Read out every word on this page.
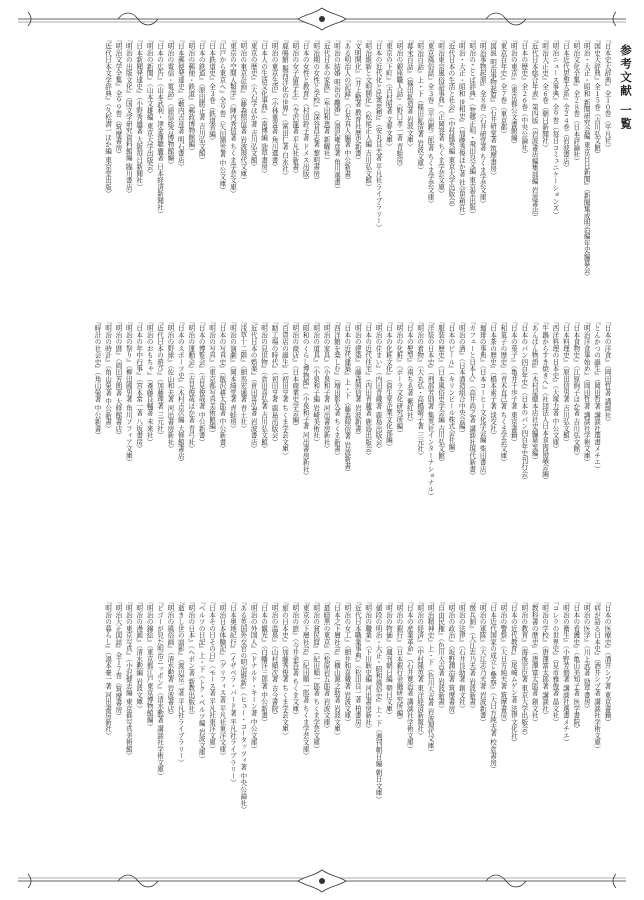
参考文献 一覧
『日本史大辞典』全１０巻（平凡社）
『国史大辞典』全１５巻（吉川弘文館）
『明治・大正・昭和 新聞研究会編 東京日日新聞』（新聞集成明治編年史編纂会）
『明治文化全集』全２８巻（日本評論社）
『日本近代思想大系』全２４巻（岩波書店）
『明治ニュース事典』全９巻（毎日コミュニケーションズ）
『明治大正史』全６巻（朝日新聞社）
『近代日本総合年表』第四版（岩波書店編集部編 岩波書店）
『日本の歴史』全２６巻（中央公論社）
『明治の東京』（東京都公文書館編）
『東京百年史』全７巻（東京都）
『図説 明治事物起原』（石井研堂著 筑摩書房）
『明治事物起原』全８巻（石井研堂著 ちくま学芸文庫）
『明治のことば辞典』（惣郷正明・飛田良文編 東京堂出版）
『明治・大正・昭和 世相史』（加藤秀俊ほか著 社会思想社）
『近代日本の生活と社会』（中村隆英編 東京大学出版会）
『明治東京風俗語事典』（正岡容著 ちくま学芸文庫）
『東京風俗誌』全３巻（平出鏗二郎著 ちくま学芸文庫）
『明治百話』上・下（篠田鉱造著 岩波文庫）
『幕末百話』（篠田鉱造著 岩波文庫）
『明治の銀座職人話』（野口孝一著 青蛙房）
『東京の下町』（吉村昭著 文春文庫）
『日本の近代化と民衆思想』（安丸良夫著 平凡社ライブラリー）
『明治維新と文明開化』（松尾正人編 吉川弘文館）
『文明開化』（井上勲著 教育社歴史新書）
『ある明治人の記録』（石光真人編著 中公新書）
『明治の結婚 明治の離婚』（湯沢雍彦著 角川選書）
『近代日本の家族』（牟田和恵著 新曜社）
『明治期の女性と学校』（深谷昌志著 黎明書房）
『日本の女性と教育』（村田鈴子著 ドメス出版）
『明治の女子留学生』（寺沢龍著 平凡社新書）
『鹿鳴館 擬西洋化の世界』（富田仁著 白水社）
『明治の東京生活』（小林重喜著 角川選書）
『日本人の生活文化事典』（南博編 勁草書房）
『東京の歴史』（大石学ほか著 吉川弘文館）
『明治の東京計画』（藤森照信著 岩波現代文庫）
『東京の空間人類学』（陣内秀信著 ちくま学芸文庫）
『江戸から東京へ』全９巻（矢田挿雲著 中公文庫）
『日本鉄道史』全３巻（鉄道省編）
『日本の鉄道』（原田勝正著 吉川弘文館）
『明治の郵便・鉄道』（郵政博物館編）
『日本郵便発達史』（藪内吉彦著 明石書店）
『明治の電信・電話』（逓信総合博物館編）
『日本の広告』（山本武利・津金澤聰廣著 日本経済新聞社）
『明治の新聞』（山本文雄編 東京大学出版会）
『日本新聞発達史』（小野秀雄著 大阪毎日新聞社）
『明治の出版文化』（国文学研究資料館編 臨川書店）
『明治文学全集』全９９巻（筑摩書房）
『近代日本文学辞典』（久松潜一ほか編 東京堂出版）
『日本の洋食』（岡田哲著 講談社）
『とんかつの誕生』（岡田哲著 講談社選書メチエ）
『明治洋食事始め』（岡田哲著 講談社学術文庫）
『日本食物史』（江原絢子ほか著 吉川弘文館）
『日本料理史』（原田信男著 吉川弘文館）
『西洋料理の日本史』（大塚力著 中公文庫）
『牛鍋からすき焼きへ』（社団法人日本食肉協議会編）
『あんぱん物語』（木村屋總本店社史編纂室編）
『日本のパン四百年史』（日本のパン四百年史刊行会）
『日本の菓子』（亀井千歩子著 東京書籍）
『和菓子の歴史』（青木直己著 ちくま学芸文庫）
『日本茶の歴史』（橋本素子著 淡交社）
『珈琲の事典』（日本コーヒー文化学会編 柴田書店）
『カフェーと日本人』（高井尚之著 講談社現代新書）
『明治の酒』（日本酒造組合中央会編）
『日本のビール』（キリンビール株式会社編）
『服装の歴史』（日本風俗史学会編 吉川弘文館）
『洋装の日本史』（刑部芳則著 集英社インターナショナル）
『明治の着物』（大丸弘・高橋晴子著 三元社）
『日本の髪型』（南ちゑ著 紫紅社）
『明治の化粧』（ポーラ文化研究所編）
『日本の化粧文化』（資生堂企業文化部編）
『明治の住まい』（内田青蔵著 鹿島出版会）
『日本の近代住宅』（内田青蔵著 鹿島出版会）
『明治の建築』（藤森照信著 岩波新書）
『日本の近代建築』上・下（藤森照信著 岩波新書）
『西洋館を楽しむ』（増田彰久著 ちくま新書）
『明治の家具』（小泉和子著 河出書房新社）
『明治の道具』（小泉和子編 岩崎美術社）
『昭和のくらし博物館』（小泉和子著 河出書房新社）
『明治の商店』（日本商業史学会編）
『百貨店の誕生』（初田亨著 ちくま学芸文庫）
『勧工場の時代』（初田亨著 鹿島出版会）
『明治の見世物』（倉田喜弘著 吉川弘文館）
『近代日本の娯楽』（倉田喜弘著 岩波書店）
『浅草十二階』（細馬宏通著 青土社）
『明治の演劇』（岡本綺堂著 青蛙房）
『日本の写真史』（飯沢耕太郎著 中公新書）
『明治の写真』（東京都写真美術館編）
『日本の博覧会』（吉見俊哉著 中公新書）
『明治の運動会』（吉見俊哉ほか著 青弓社）
『日本のスポーツ史』（木村吉次編 大修館書店）
『明治の野球』（佐山和夫著 河出書房新社）
『近代日本の遊び』（加藤理著 三元社）
『明治のおもちゃ』（斎藤良輔著 未來社）
『日本の年中行事』（宮本常一著 八坂書房）
『明治の祭り』（柳田國男著 角川ソフィア文庫）
『明治の暦』（岡田芳朗著 大修館書店）
『明治の時計』（角山榮著 中公新書）
『時計の社会史』（角山榮著 中公新書）
『日本の医療史』（酒井シヅ著 東京書籍）
『病が語る日本史』（酒井シヅ著 講談社学術文庫）
『明治の医学』（川上武著 勁草書房）
『日本の看護史』（亀山美知子著 医学書院）
『明治の衛生』（小野芳朗著 講談社選書メチエ）
『コレラの世界史』（見市雅俊著 晶文社）
『明治の学校』（唐澤富太郎著 講談社）
『教科書の歴史』（唐澤富太郎著 創文社）
『明治の教育』（海後宗臣著 東京大学出版会）
『日本の近代教育』（尾崎ムゲン著 法律文化社）
『明治の警察』（大日方純夫著 筑摩書房）
『日本近代国家の成立と警察』（大日方純夫著 校倉書房）
『明治の軍隊』（大江志乃夫著 岩波新書）
『徴兵制』（大江志乃夫著 岩波新書）
『明治の法律』（石井良助著 創文社）
『明治の政治』（坂野潤治著 筑摩書房）
『自由民権』（色川大吉著 岩波新書）
『明治精神史』上・下（色川大吉著 岩波現代文庫）
『明治の経済』（中村隆英著 東洋経済新報社）
『日本の産業革命』（石井寛治著 講談社学術文庫）
『明治の銀行』（日本銀行金融研究所編）
『明治の物価』（週刊朝日編 朝日文庫）
『値段の明治・大正・昭和風俗史』上・下（週刊朝日編 朝日文庫）
『明治の職業』（下川耿史編 河出書房新社）
『近代日本職業事典』（松田良一著 柏書房）
『明治の女工』（細井和喜蔵著 岩波文庫）
『日本之下層社会』（横山源之助著 岩波文庫）
『最暗黒の東京』（松原岩五郎著 岩波文庫）
『明治の貧民窟』（紀田順一郎著 ちくま学芸文庫）
『東京の下層社会』（紀田順一郎著 ちくま学芸文庫）
『明治の旅』（今井金吾著 ちくま文庫）
『旅の日本史』（加藤秀俊著 ちくま学芸文庫）
『明治の温泉』（山村順次著 古今書院）
『日本の観光』（白幡洋三郎著 中公新書）
『明治の外国人』（ドナルド・キーン著 中公文庫）
『ある英国外交官の明治維新』（ヒュー・コータッツィ著 中央公論社）
『日本奥地紀行』（イザベラ・バード著 平凡社ライブラリー）
『明治日本体験記』（グリフィス著 平凡社東洋文庫）
『日本その日その日』（モース著 平凡社東洋文庫）
『ベルツの日記』上・下（トク・ベルツ編 岩波文庫）
『明治の日本』（ヘボン著 新教出版社）
『逝きし世の面影』（渡辺京二著 平凡社ライブラリー）
『明治の風俗画』（清水勲著 岩波書店）
『ビゴーが見た明治ニッポン』（清水勲著 講談社学術文庫）
『明治の錦絵』（東京都江戸東京博物館編）
『明治の漫画』（清水勲編 岩波文庫）
『明治の東京写真』（小沢健志編 東京都写真美術館）
『明治大正図誌』全１７巻（筑摩書房）
『明治の暮らし』（湯本豪一著 河出書房新社）
